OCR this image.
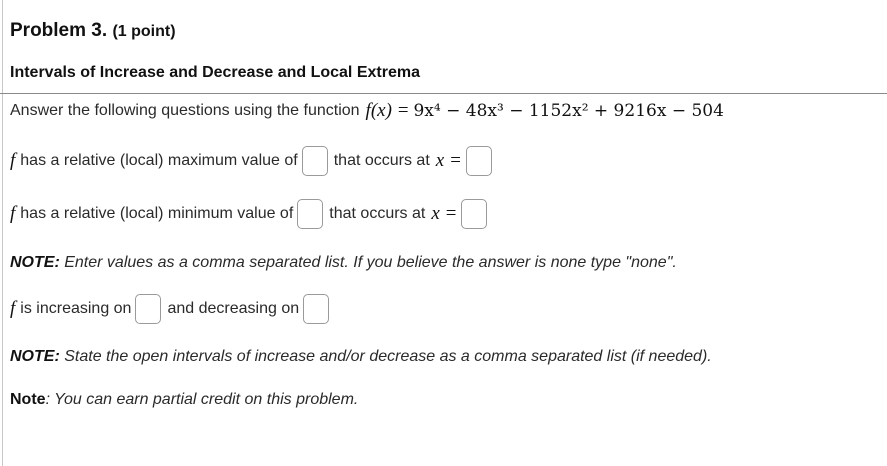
Problem 3. (1 point)
Intervals of Increase and Decrease and Local Extrema
Answer the following questions using the function f(x) = 9x⁴ − 48x³ − 1152x² + 9216x − 504
f has a relative (local) maximum value of that occurs at x =
f has a relative (local) minimum value of that occurs at x =
NOTE: Enter values as a comma separated list. If you believe the answer is none type "none".
f is increasing on and decreasing on
NOTE: State the open intervals of increase and/or decrease as a comma separated list (if needed).
Note: You can earn partial credit on this problem.
